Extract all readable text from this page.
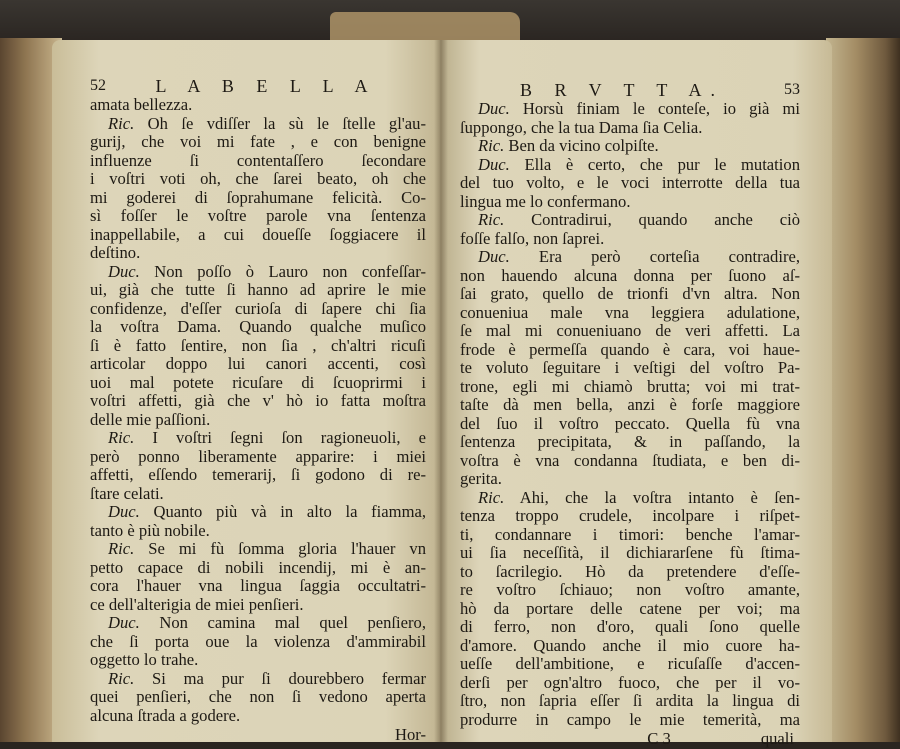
52	L A B E L L A
amata bellezza.
Ric. Oh ſe vdiſſer la sù le ſtelle gl'au-
gurij, che voi mi fate , e con benigne
influenze ſi contentaſſero ſecondare
i voſtri voti oh, che ſarei beato, oh che
mi goderei di ſoprahumane felicità. Co-
sì foſſer le voſtre parole vna ſentenza
inappellabile, a cui doueſſe ſoggiacere il
deſtino.
Duc. Non poſſo ò Lauro non confeſſar-
ui, già che tutte ſi hanno ad aprire le mie
confidenze, d'eſſer curioſa di ſapere chi ſia
la voſtra Dama. Quando qualche muſico
ſi è fatto ſentire, non ſia , ch'altri ricuſi
articolar doppo lui canori accenti, così
uoi mal potete ricuſare di ſcuoprirmi i
voſtri affetti, già che v' hò io fatta moſtra
delle mie paſſioni.
Ric. I voſtri ſegni ſon ragioneuoli, e
però ponno liberamente apparire: i miei
affetti, eſſendo temerarij, ſi godono di re-
ſtare celati.
Duc. Quanto più và in alto la fiamma,
tanto è più nobile.
Ric. Se mi fù ſomma gloria l'hauer vn
petto capace di nobili incendij, mi è an-
cora l'hauer vna lingua ſaggia occultatri-
ce dell'alterigia de miei penſieri.
Duc. Non camina mal quel penſiero,
che ſi porta oue la violenza d'ammirabil
oggetto lo trahe.
Ric. Si ma pur ſi dourebbero fermar
quei penſieri, che non ſi vedono aperta
alcuna ſtrada a godere.
Hor-
B R V T T A.	53
Duc. Horsù finiam le conteſe, io già mi
ſuppongo, che la tua Dama ſia Celia.
Ric. Ben da vicino colpiſte.
Duc. Ella è certo, che pur le mutation
del tuo volto, e le voci interrotte della tua
lingua me lo confermano.
Ric. Contradirui, quando anche ciò
foſſe falſo, non ſaprei.
Duc. Era però corteſia contradire,
non hauendo alcuna donna per ſuono aſ-
ſai grato, quello de trionfi d'vn altra. Non
conueniua male vna leggiera adulatione,
ſe mal mi conueniuano de veri affetti. La
frode è permeſſa quando è cara, voi haue-
te voluto ſeguitare i veſtigi del voſtro Pa-
trone, egli mi chiamò brutta; voi mi trat-
taſte dà men bella, anzi è forſe maggiore
del ſuo il voſtro peccato. Quella fù vna
ſentenza precipitata, & in paſſando, la
voſtra è vna condanna ſtudiata, e ben di-
gerita.
Ric. Ahi, che la voſtra intanto è ſen-
tenza troppo crudele, incolpare i riſpet-
ti, condannare i timori: benche l'amar-
ui ſia neceſſità, il dichiararſene fù ſtima-
to ſacrilegio. Hò da pretendere d'eſſe-
re voſtro ſchiauo; non voſtro amante,
hò da portare delle catene per voi; ma
di ferro, non d'oro, quali ſono quelle
d'amore. Quando anche il mio cuore ha-
ueſſe dell'ambitione, e ricuſaſſe d'accen-
derſi per ogn'altro fuoco, che per il vo-
ſtro, non ſapria eſſer ſi ardita la lingua di
produrre in campo le mie temerità, ma
C 3	quali
